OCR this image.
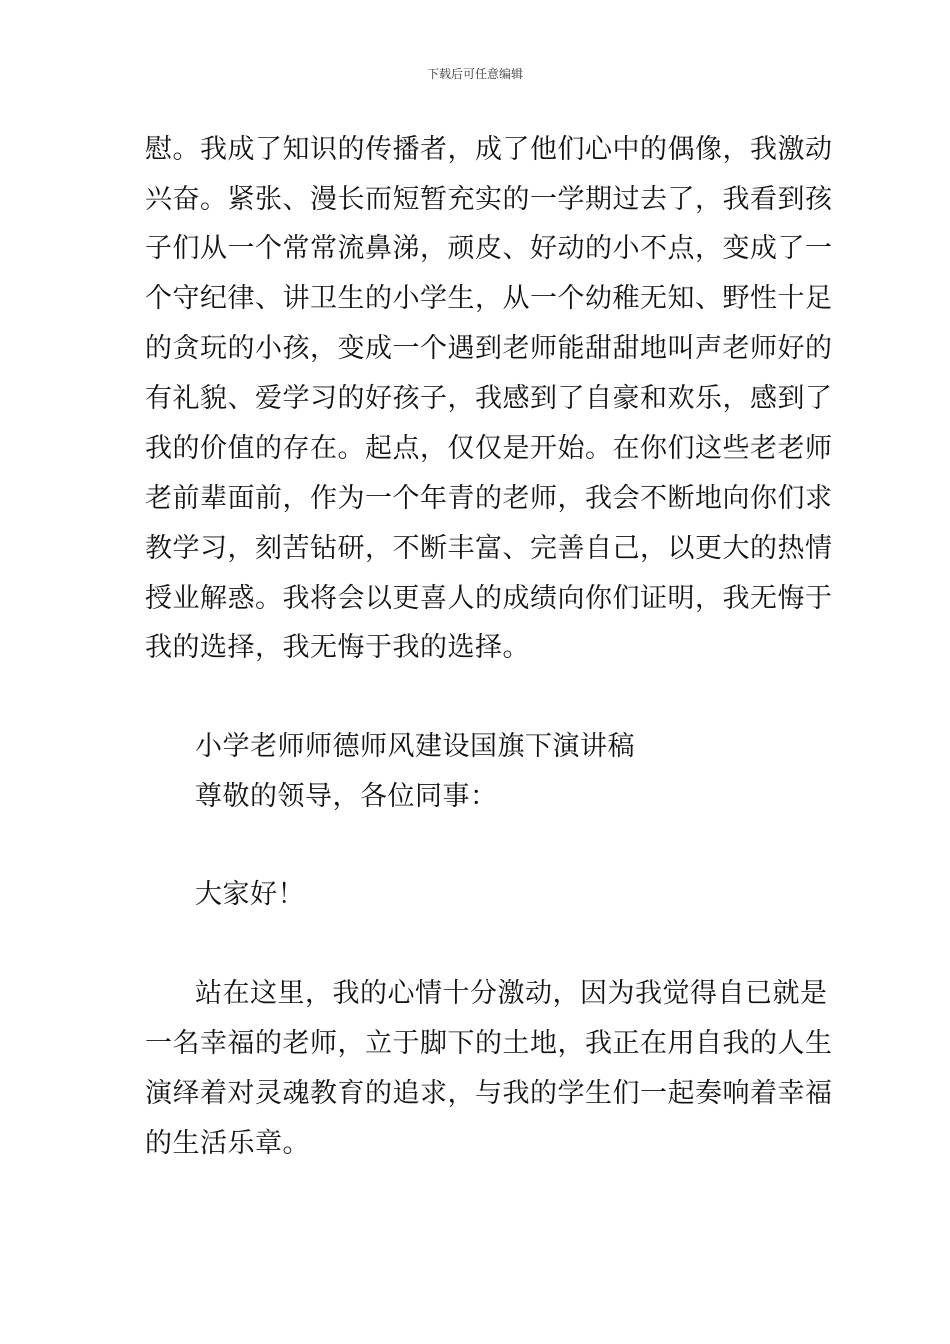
下载后可任意编辑

慰。我成了知识的传播者，成了他们心中的偶像，我激动

兴奋。紧张、漫长而短暂充实的一学期过去了，我看到孩

子们从一个常常流鼻涕，顽皮、好动的小不点，变成了一

个守纪律、讲卫生的小学生，从一个幼稚无知、野性十足

的贪玩的小孩，变成一个遇到老师能甜甜地叫声老师好的

有礼貌、爱学习的好孩子，我感到了自豪和欢乐，感到了

我的价值的存在。起点，仅仅是开始。在你们这些老老师

老前辈面前，作为一个年青的老师，我会不断地向你们求

教学习，刻苦钻研，不断丰富、完善自己，以更大的热情

授业解惑。我将会以更喜人的成绩向你们证明，我无悔于

我的选择，我无悔于我的选择。

小学老师师德师风建设国旗下演讲稿

尊敬的领导，各位同事：

大家好！

站在这里，我的心情十分激动，因为我觉得自已就是

一名幸福的老师，立于脚下的土地，我正在用自我的人生

演绎着对灵魂教育的追求，与我的学生们一起奏响着幸福

的生活乐章。
